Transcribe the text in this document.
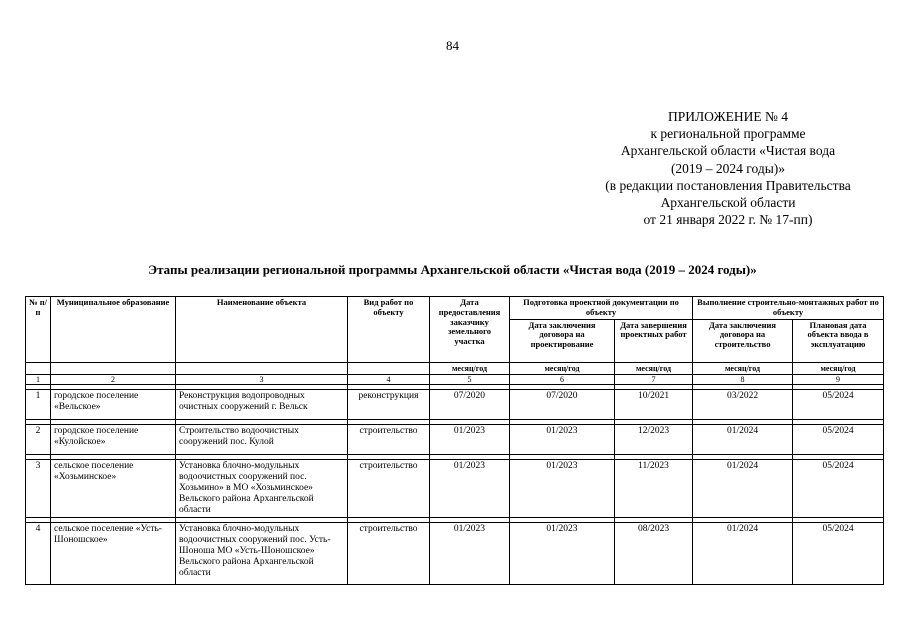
84
ПРИЛОЖЕНИЕ № 4
к региональной программе
Архангельской области «Чистая вода
(2019 – 2024 годы)»
(в редакции постановления Правительства
Архангельской области
от 21 января 2022 г. № 17-пп)
Этапы реализации региональной программы Архангельской области «Чистая вода (2019 – 2024 годы)»
№ п/п	Муниципальное образование	Наименование объекта	Вид работ по объекту	Дата предоставления заказчику земельного участка	Подготовка проектной документации по объекту		Выполнение строительно-монтажных работ по объекту	
					Дата заключения договора на проектирование	Дата завершения проектных работ	Дата заключения договора на строительство	Плановая дата объекта ввода в эксплуатацию
				месяц/год	месяц/год	месяц/год	месяц/год	месяц/год
1	2	3	4	5	6	7	8	9

1	городское поселение «Вельское»	Реконструкция водопроводных очистных сооружений г. Вельск	реконструкция	07/2020	07/2020	10/2021	03/2022	05/2024

2	городское поселение «Кулойское»	Строительство водоочистных сооружений пос. Кулой	строительство	01/2023	01/2023	12/2023	01/2024	05/2024

3	сельское поселение «Хозьминское»	Установка блочно-модульных водоочистных сооружений пос. Хозьмино» в МО «Хозьминское» Вельского района Архангельской области	строительство	01/2023	01/2023	11/2023	01/2024	05/2024

4	сельское поселение «Усть-Шоношское»	Установка блочно-модульных водоочистных сооружений пос. Усть-Шоноша МО «Усть-Шоношское» Вельского района Архангельской области	строительство	01/2023	01/2023	08/2023	01/2024	05/2024
